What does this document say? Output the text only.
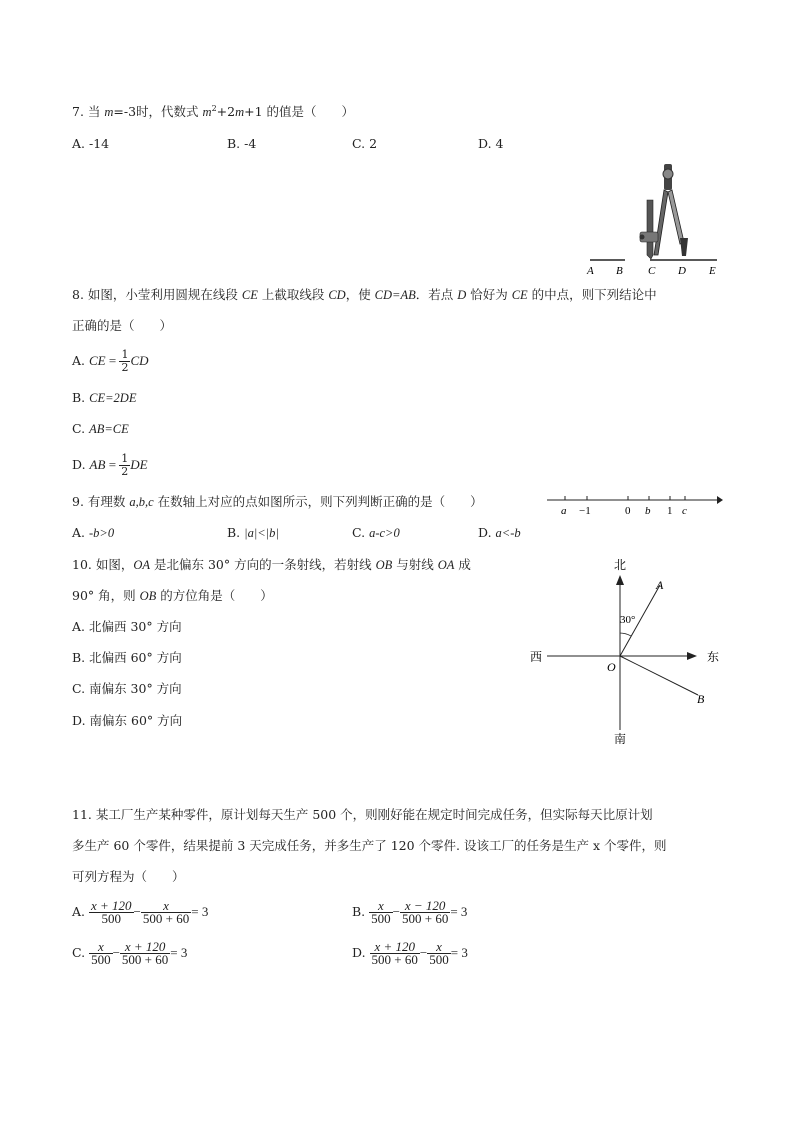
7. 当 m=-3时，代数式 $m^2+2m+1$ 的值是（　　）
A. -14	B. -4	C. 2	D. 4
A B C D E
8. 如图，小莹利用圆规在线段 CE 上截取线段 CD，使 CD=AB．若点 D 恰好为 CE 的中点，则下列结论中
正确的是（　　）
A. CE = $\frac{1}{2}$ CD
B. CE=2DE
C. AB=CE
D. AB = $\frac{1}{2}$ DE
9. 有理数 a,b,c 在数轴上对应的点如图所示，则下列判断正确的是（　　）
a −1	0 b 1 c
A. -b>0	B. |a|<|b|	C. a-c>0	D. a<-b
10. 如图，OA 是北偏东 30° 方向的一条射线，若射线 OB 与射线 OA 成
90° 角，则 OB 的方位角是（　　）
A. 北偏西 30° 方向
B. 北偏西 60° 方向
C. 南偏东 30° 方向
D. 南偏东 60° 方向
北
南
东
西
O
A
B
30°
11. 某工厂生产某种零件，原计划每天生产 500 个，则刚好能在规定时间完成任务，但实际每天比原计划
多生产 60 个零件，结果提前 3 天完成任务，并多生产了 120 个零件. 设该工厂的任务是生产 x 个零件，则
可列方程为（　　）
A. $\frac{x + 120}{500} - \frac{x}{500 + 60} = 3$	B. $\frac{x}{500} - \frac{x - 120}{500 + 60} = 3$
C. $\frac{x}{500} - \frac{x + 120}{500 + 60} = 3$	D. $\frac{x + 120}{500 + 60} - \frac{x}{500} = 3$
